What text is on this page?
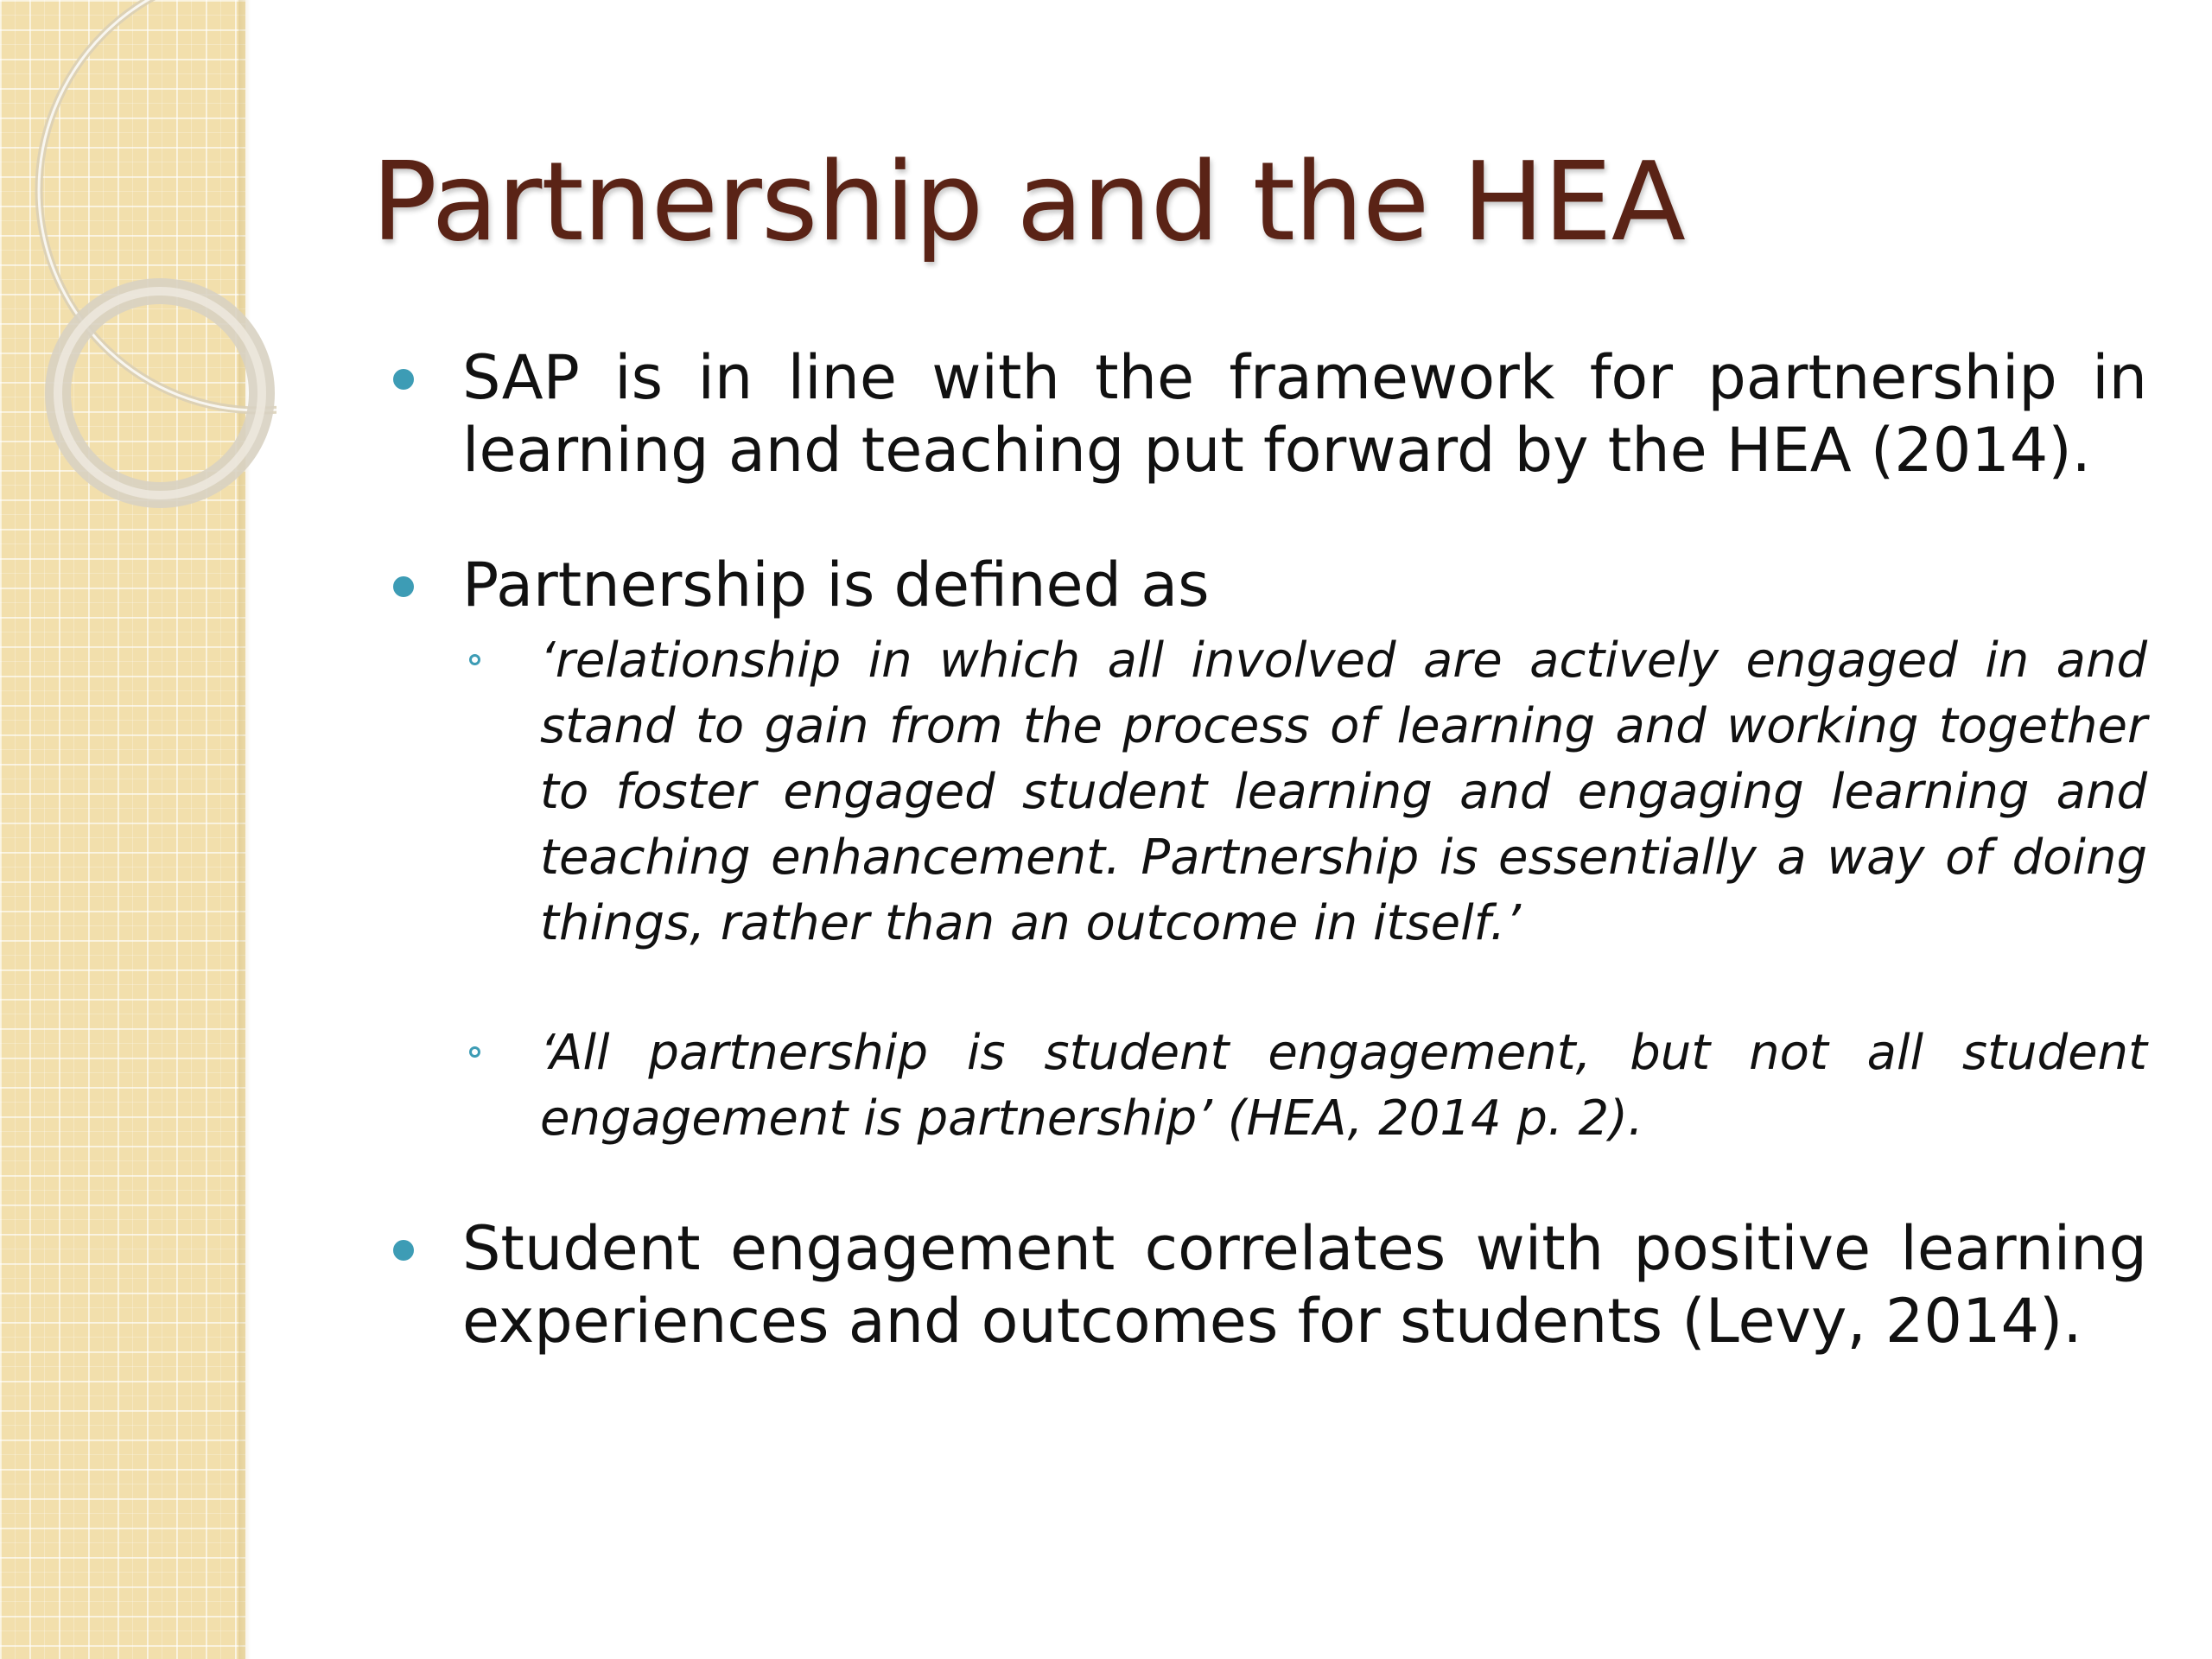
Partnership and the HEA
SAP is in line with the framework for partnership in learning and teaching put forward by the HEA (2014).
Partnership is defined as
‘relationship in which all involved are actively engaged in and stand to gain from the process of learning and working together to foster engaged student learning and engaging learning and teaching enhancement. Partnership is essentially a way of doing things, rather than an outcome in itself.’
‘All partnership is student engagement, but not all student engagement is partnership’ (HEA, 2014 p. 2).
Student engagement correlates with positive learning experiences and outcomes for students (Levy, 2014).
